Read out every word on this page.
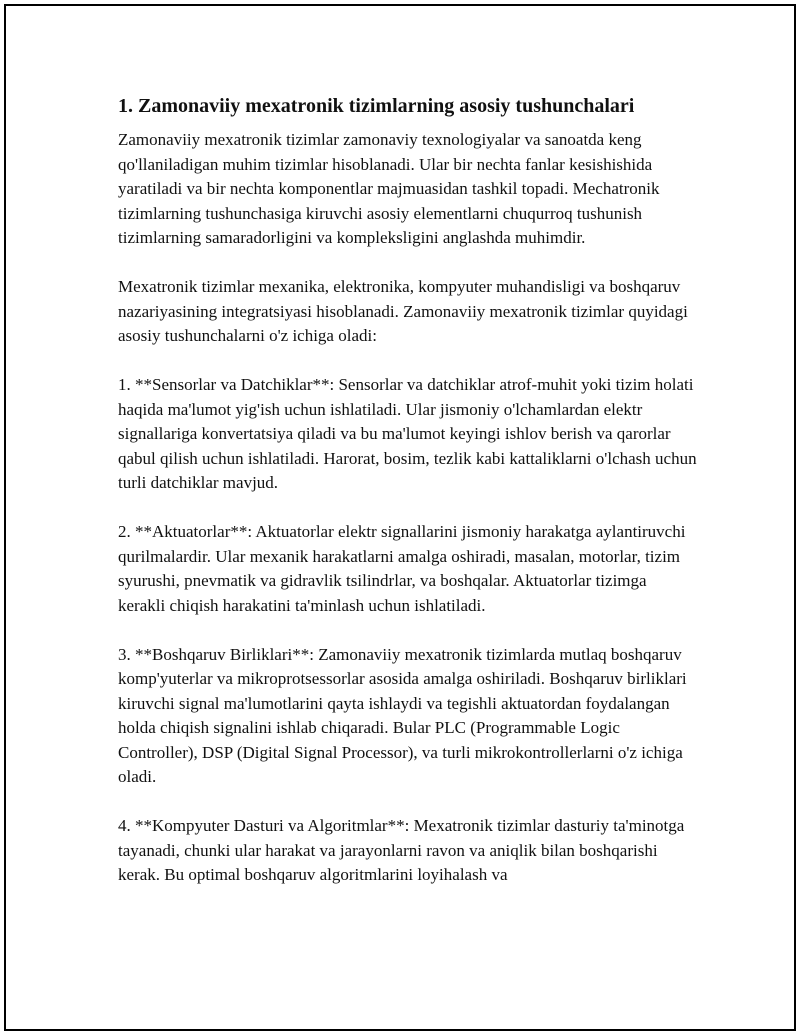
1. Zamonaviiy mexatronik tizimlarning asosiy tushunchalari

Zamonaviiy mexatronik tizimlar zamonaviy texnologiyalar va sanoatda keng qo'llaniladigan muhim tizimlar hisoblanadi. Ular bir nechta fanlar kesishishida yaratiladi va bir nechta komponentlar majmuasidan tashkil topadi. Mechatronik tizimlarning tushunchasiga kiruvchi asosiy elementlarni chuqurroq tushunish tizimlarning samaradorligini va kompleksligini anglashda muhimdir.

Mexatronik tizimlar mexanika, elektronika, kompyuter muhandisligi va boshqaruv nazariyasining integratsiyasi hisoblanadi. Zamonaviiy mexatronik tizimlar quyidagi asosiy tushunchalarni o'z ichiga oladi:

1. **Sensorlar va Datchiklar**: Sensorlar va datchiklar atrof-muhit yoki tizim holati haqida ma'lumot yig'ish uchun ishlatiladi. Ular jismoniy o'lchamlardan elektr signallariga konvertatsiya qiladi va bu ma'lumot keyingi ishlov berish va qarorlar qabul qilish uchun ishlatiladi. Harorat, bosim, tezlik kabi kattaliklarni o'lchash uchun turli datchiklar mavjud.

2. **Aktuatorlar**: Aktuatorlar elektr signallarini jismoniy harakatga aylantiruvchi qurilmalardir. Ular mexanik harakatlarni amalga oshiradi, masalan, motorlar, tizim syurushi, pnevmatik va gidravlik tsilindrlar, va boshqalar. Aktuatorlar tizimga kerakli chiqish harakatini ta'minlash uchun ishlatiladi.

3. **Boshqaruv Birliklari**: Zamonaviiy mexatronik tizimlarda mutlaq boshqaruv komp'yuterlar va mikroprotsessorlar asosida amalga oshiriladi. Boshqaruv birliklari kiruvchi signal ma'lumotlarini qayta ishlaydi va tegishli aktuatordan foydalangan holda chiqish signalini ishlab chiqaradi. Bular PLC (Programmable Logic Controller), DSP (Digital Signal Processor), va turli mikrokontrollerlarni o'z ichiga oladi.

4. **Kompyuter Dasturi va Algoritmlar**: Mexatronik tizimlar dasturiy ta'minotga tayanadi, chunki ular harakat va jarayonlarni ravon va aniqlik bilan boshqarishi kerak. Bu optimal boshqaruv algoritmlarini loyihalash va
